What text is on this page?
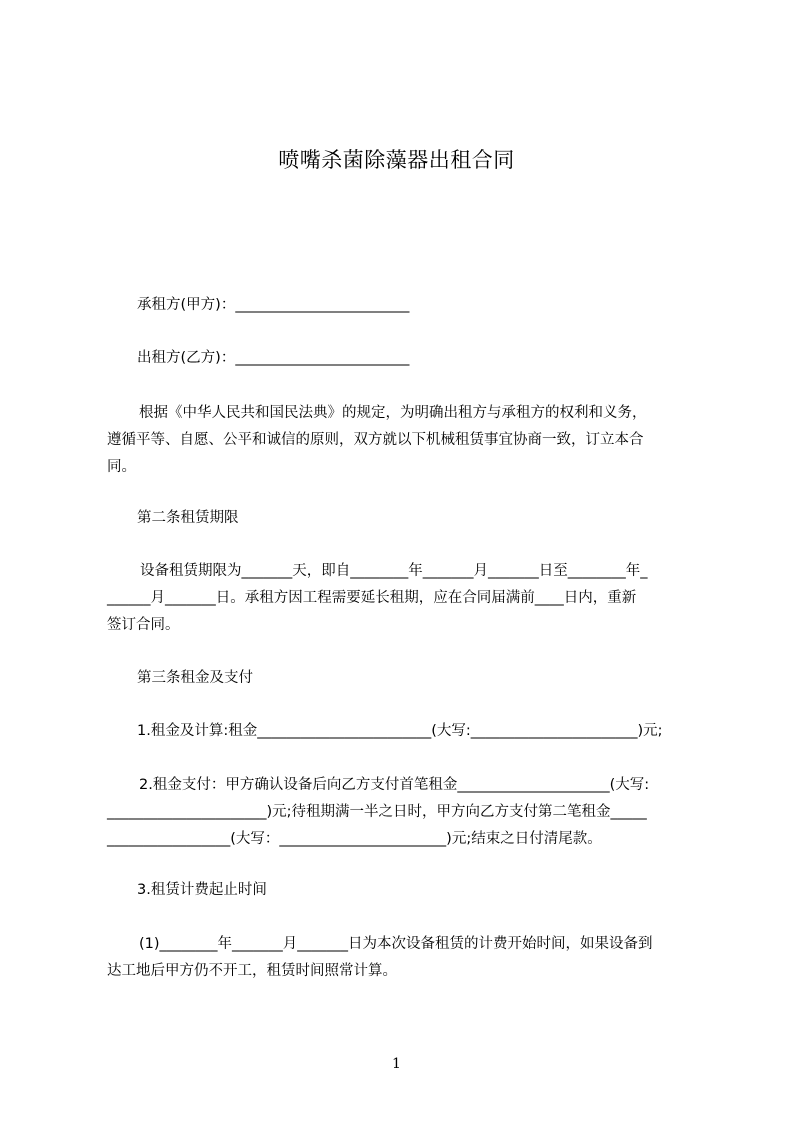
喷嘴杀菌除藻器出租合同

承租方(甲方)：________________________

出租方(乙方)：________________________

根据《中华人民共和国民法典》的规定，为明确出租方与承租方的权利和义务，
遵循平等、自愿、公平和诚信的原则，双方就以下机械租赁事宜协商一致，订立本合
同。

第二条租赁期限

设备租赁期限为_______天，即自________年_______月_______日至________年_
______月_______日。承租方因工程需要延长租期，应在合同届满前____日内，重新
签订合同。

第三条租金及支付

1.租金及计算:租金________________________(大写:_______________________)元;

2.租金支付：甲方确认设备后向乙方支付首笔租金_____________________(大写:
______________________)元;待租期满一半之日时，甲方向乙方支付第二笔租金_____
_________________(大写：_______________________)元;结束之日付清尾款。

3.租赁计费起止时间

(1)________年_______月_______日为本次设备租赁的计费开始时间，如果设备到
达工地后甲方仍不开工，租赁时间照常计算。
1
